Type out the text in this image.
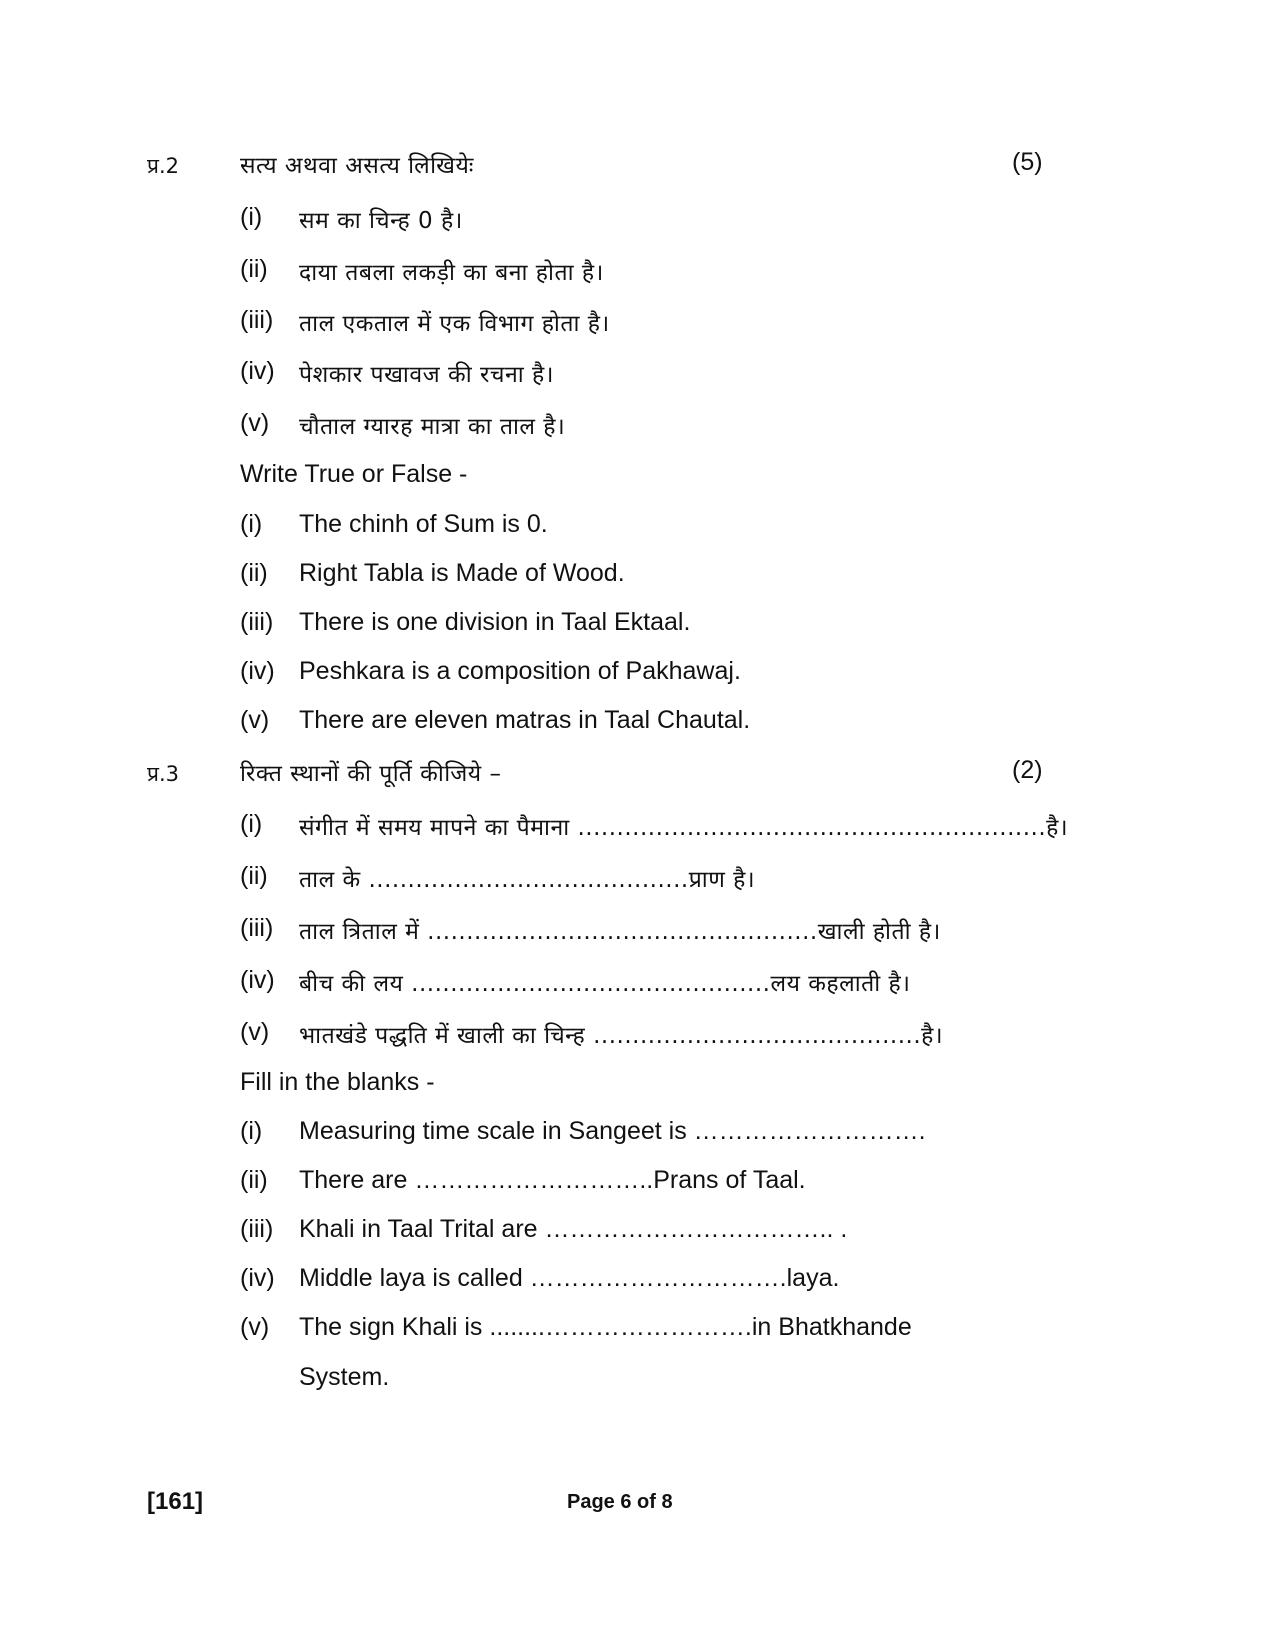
प्र.2	सत्य अथवा असत्य लिखियेः	(5)
(i) सम का चिन्ह 0 है।
(ii) दाया तबला लकड़ी का बना होता है।
(iii) ताल एकताल में एक विभाग होता है।
(iv) पेशकार पखावज की रचना है।
(v) चौताल ग्यारह मात्रा का ताल है।
Write True or False -
(i) The chinh of Sum is 0.
(ii) Right Tabla is Made of Wood.
(iii) There is one division in Taal Ektaal.
(iv) Peshkara is a composition of Pakhawaj.
(v) There are eleven matras in Taal Chautal.
प्र.3	रिक्त स्थानों की पूर्ति कीजिये –	(2)
(i) संगीत में समय मापने का पैमाना ............................................................है।
(ii) ताल के .........................................प्राण है।
(iii) ताल त्रिताल में ..................................................खाली होती है।
(iv) बीच की लय ..............................................लय कहलाती है।
(v) भातखंडे पद्धति में खाली का चिन्ह ..........................................है।
Fill in the blanks -
(i) Measuring time scale in Sangeet is ……………………….
(ii) There are ………………………..Prans of Taal.
(iii) Khali in Taal Trital are …………………………….. .
(iv) Middle laya is called ………………………….laya.
(v) The sign Khali is ........…………………….in Bhatkhande
System.
[161]	Page 6 of 8
